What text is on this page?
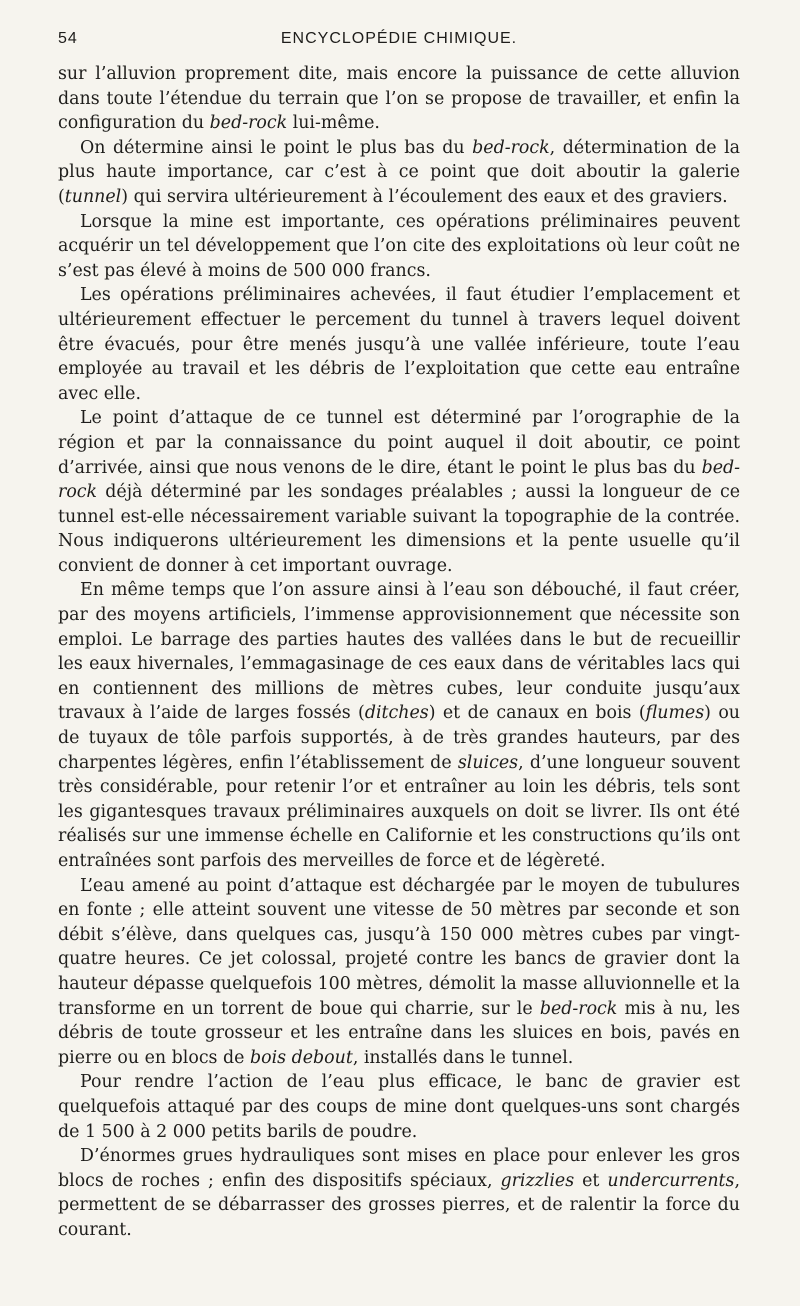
54	ENCYCLOPÉDIE CHIMIQUE.

sur l’alluvion proprement dite, mais encore la puissance de cette alluvion dans toute l’étendue du terrain que l’on se propose de travailler, et enfin la configuration du bed-rock lui-même.

On détermine ainsi le point le plus bas du bed-rock, détermination de la plus haute importance, car c’est à ce point que doit aboutir la galerie (tunnel) qui servira ultérieurement à l’écoulement des eaux et des graviers.

Lorsque la mine est importante, ces opérations préliminaires peuvent acquérir un tel développement que l’on cite des exploitations où leur coût ne s’est pas élevé à moins de 500 000 francs.

Les opérations préliminaires achevées, il faut étudier l’emplacement et ultérieurement effectuer le percement du tunnel à travers lequel doivent être évacués, pour être menés jusqu’à une vallée inférieure, toute l’eau employée au travail et les débris de l’exploitation que cette eau entraîne avec elle.

Le point d’attaque de ce tunnel est déterminé par l’orographie de la région et par la connaissance du point auquel il doit aboutir, ce point d’arrivée, ainsi que nous venons de le dire, étant le point le plus bas du bed-rock déjà déterminé par les sondages préalables ; aussi la longueur de ce tunnel est-elle nécessairement variable suivant la topographie de la contrée. Nous indiquerons ultérieurement les dimensions et la pente usuelle qu’il convient de donner à cet important ouvrage.

En même temps que l’on assure ainsi à l’eau son débouché, il faut créer, par des moyens artificiels, l’immense approvisionnement que nécessite son emploi. Le barrage des parties hautes des vallées dans le but de recueillir les eaux hivernales, l’emmagasinage de ces eaux dans de véritables lacs qui en contiennent des millions de mètres cubes, leur conduite jusqu’aux travaux à l’aide de larges fossés (ditches) et de canaux en bois (flumes) ou de tuyaux de tôle parfois supportés, à de très grandes hauteurs, par des charpentes légères, enfin l’établissement de sluices, d’une longueur souvent très considérable, pour retenir l’or et entraîner au loin les débris, tels sont les gigantesques travaux préliminaires auxquels on doit se livrer. Ils ont été réalisés sur une immense échelle en Californie et les constructions qu’ils ont entraînées sont parfois des merveilles de force et de légèreté.

L’eau amené au point d’attaque est déchargée par le moyen de tubulures en fonte ; elle atteint souvent une vitesse de 50 mètres par seconde et son débit s’élève, dans quelques cas, jusqu’à 150 000 mètres cubes par vingt-quatre heures. Ce jet colossal, projeté contre les bancs de gravier dont la hauteur dépasse quelquefois 100 mètres, démolit la masse alluvionnelle et la transforme en un torrent de boue qui charrie, sur le bed-rock mis à nu, les débris de toute grosseur et les entraîne dans les sluices en bois, pavés en pierre ou en blocs de bois debout, installés dans le tunnel.

Pour rendre l’action de l’eau plus efficace, le banc de gravier est quelquefois attaqué par des coups de mine dont quelques-uns sont chargés de 1 500 à 2 000 petits barils de poudre.

D’énormes grues hydrauliques sont mises en place pour enlever les gros blocs de roches ; enfin des dispositifs spéciaux, grizzlies et undercurrents, permettent de se débarrasser des grosses pierres, et de ralentir la force du courant.
